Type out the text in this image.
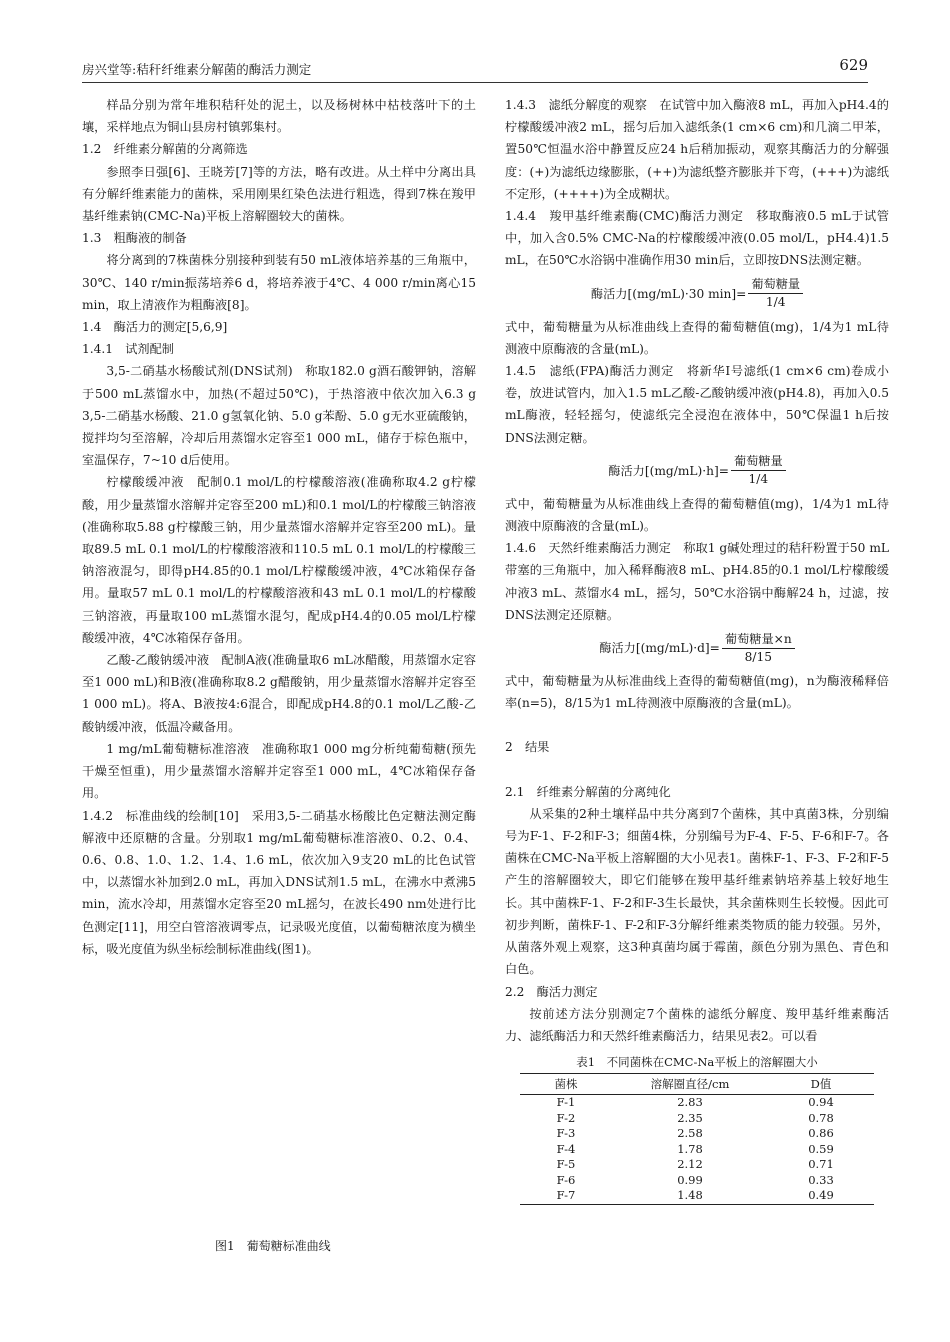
房兴堂等:秸秆纤维素分解菌的酶活力测定	629

样品分别为常年堆积秸秆处的泥土，以及杨树林中枯枝落叶下的土壤，采样地点为铜山县房村镇郭集村。

1.2　纤维素分解菌的分离筛选

参照李日强[6]、王晓芳[7]等的方法，略有改进。从土样中分离出具有分解纤维素能力的菌株，采用刚果红染色法进行粗选，得到7株在羧甲基纤维素钠(CMC-Na)平板上溶解圈较大的菌株。

1.3　粗酶液的制备

将分离到的7株菌株分别接种到装有50 mL液体培养基的三角瓶中，30℃、140 r/min振荡培养6 d，将培养液于4℃、4 000 r/min离心15 min，取上清液作为粗酶液[8]。

1.4　酶活力的测定[5,6,9]

1.4.1　试剂配制

3,5-二硝基水杨酸试剂(DNS试剂)　称取182.0 g酒石酸钾钠，溶解于500 mL蒸馏水中，加热(不超过50℃)，于热溶液中依次加入6.3 g 3,5-二硝基水杨酸、21.0 g氢氧化钠、5.0 g苯酚、5.0 g无水亚硫酸钠，搅拌均匀至溶解，冷却后用蒸馏水定容至1 000 mL，储存于棕色瓶中，室温保存，7~10 d后使用。

柠檬酸缓冲液　配制0.1 mol/L的柠檬酸溶液(准确称取4.2 g柠檬酸，用少量蒸馏水溶解并定容至200 mL)和0.1 mol/L的柠檬酸三钠溶液(准确称取5.88 g柠檬酸三钠，用少量蒸馏水溶解并定容至200 mL)。量取89.5 mL 0.1 mol/L的柠檬酸溶液和110.5 mL 0.1 mol/L的柠檬酸三钠溶液混匀，即得pH4.85的0.1 mol/L柠檬酸缓冲液，4℃冰箱保存备用。量取57 mL 0.1 mol/L的柠檬酸溶液和43 mL 0.1 mol/L的柠檬酸三钠溶液，再量取100 mL蒸馏水混匀，配成pH4.4的0.05 mol/L柠檬酸缓冲液，4℃冰箱保存备用。

乙酸-乙酸钠缓冲液　配制A液(准确量取6 mL冰醋酸，用蒸馏水定容至1 000 mL)和B液(准确称取8.2 g醋酸钠，用少量蒸馏水溶解并定容至1 000 mL)。将A、B液按4:6混合，即配成pH4.8的0.1 mol/L乙酸-乙酸钠缓冲液，低温冷藏备用。

1 mg/mL葡萄糖标准溶液　准确称取1 000 mg分析纯葡萄糖(预先干燥至恒重)，用少量蒸馏水溶解并定容至1 000 mL，4℃冰箱保存备用。

1.4.2　标准曲线的绘制[10]　采用3,5-二硝基水杨酸比色定糖法测定酶解液中还原糖的含量。分别取1 mg/mL葡萄糖标准溶液0、0.2、0.4、0.6、0.8、1.0、1.2、1.4、1.6 mL，依次加入9支20 mL的比色试管中，以蒸馏水补加到2.0 mL，再加入DNS试剂1.5 mL，在沸水中煮沸5 min，流水冷却，用蒸馏水定容至20 mL摇匀，在波长490 nm处进行比色测定[11]，用空白管溶液调零点，记录吸光度值，以葡萄糖浓度为横坐标，吸光度值为纵坐标绘制标准曲线(图1)。

图1　葡萄糖标准曲线

1.4.3　滤纸分解度的观察　在试管中加入酶液8 mL，再加入pH4.4的柠檬酸缓冲液2 mL，摇匀后加入滤纸条(1 cm×6 cm)和几滴二甲苯，置50℃恒温水浴中静置反应24 h后稍加振动，观察其酶活力的分解强度：(+)为滤纸边缘膨胀，(++)为滤纸整齐膨胀并下弯，(+++)为滤纸不定形，(++++)为全成糊状。

1.4.4　羧甲基纤维素酶(CMC)酶活力测定　移取酶液0.5 mL于试管中，加入含0.5% CMC-Na的柠檬酸缓冲液(0.05 mol/L，pH4.4)1.5 mL，在50℃水浴锅中准确作用30 min后，立即按DNS法测定糖。

酶活力[(mg/mL)·30 $\min]= \frac{\text{葡萄糖量}}{1/4}$

式中，葡萄糖量为从标准曲线上查得的葡萄糖值(mg)，1/4为1 mL待测液中原酶液的含量(mL)。

1.4.5　滤纸(FPA)酶活力测定　将新华Ⅰ号滤纸(1 cm×6 cm)卷成小卷，放进试管内，加入1.5 mL乙酸-乙酸钠缓冲液(pH4.8)，再加入0.5 mL酶液，轻轻摇匀，使滤纸完全浸泡在液体中，50℃保温1 h后按DNS法测定糖。

酶活力$[(mg/mL)\cdot h]= \frac{\text{葡萄糖量}}{1/4}$

式中，葡萄糖量为从标准曲线上查得的葡萄糖值(mg)，1/4为1 mL待测液中原酶液的含量(mL)。

1.4.6　天然纤维素酶活力测定　称取1 g碱处理过的秸秆粉置于50 mL带塞的三角瓶中，加入稀释酶液8 mL、pH4.85的0.1 mol/L柠檬酸缓冲液3 mL、蒸馏水4 mL，摇匀，50℃水浴锅中酶解24 h，过滤，按DNS法测定还原糖。

酶活力$[(mg/mL)\cdot d]= \frac{\text{葡萄糖量×n}}{8/15}$

式中，葡萄糖量为从标准曲线上查得的葡萄糖值(mg)，n为酶液稀释倍率(n=5)，8/15为1 mL待测液中原酶液的含量(mL)。

2　结果

2.1　纤维素分解菌的分离纯化

从采集的2种土壤样品中共分离到7个菌株，其中真菌3株，分别编号为F-1、F-2和F-3；细菌4株，分别编号为F-4、F-5、F-6和F-7。各菌株在CMC-Na平板上溶解圈的大小见表1。菌株F-1、F-3、F-2和F-5产生的溶解圈较大，即它们能够在羧甲基纤维素钠培养基上较好地生长。其中菌株F-1、F-2和F-3生长最快，其余菌株则生长较慢。因此可初步判断，菌株F-1、F-2和F-3分解纤维素类物质的能力较强。另外，从菌落外观上观察，这3种真菌均属于霉菌，颜色分别为黑色、青色和白色。

2.2　酶活力测定

按前述方法分别测定7个菌株的滤纸分解度、羧甲基纤维素酶活力、滤纸酶活力和天然纤维素酶活力，结果见表2。可以看

表1　不同菌株在CMC-Na平板上的溶解圈大小
菌株	溶解圈直径/cm	D值
F-1	2.83	0.94
F-2	2.35	0.78
F-3	2.58	0.86
F-4	1.78	0.59
F-5	2.12	0.71
F-6	0.99	0.33
F-7	1.48	0.49
